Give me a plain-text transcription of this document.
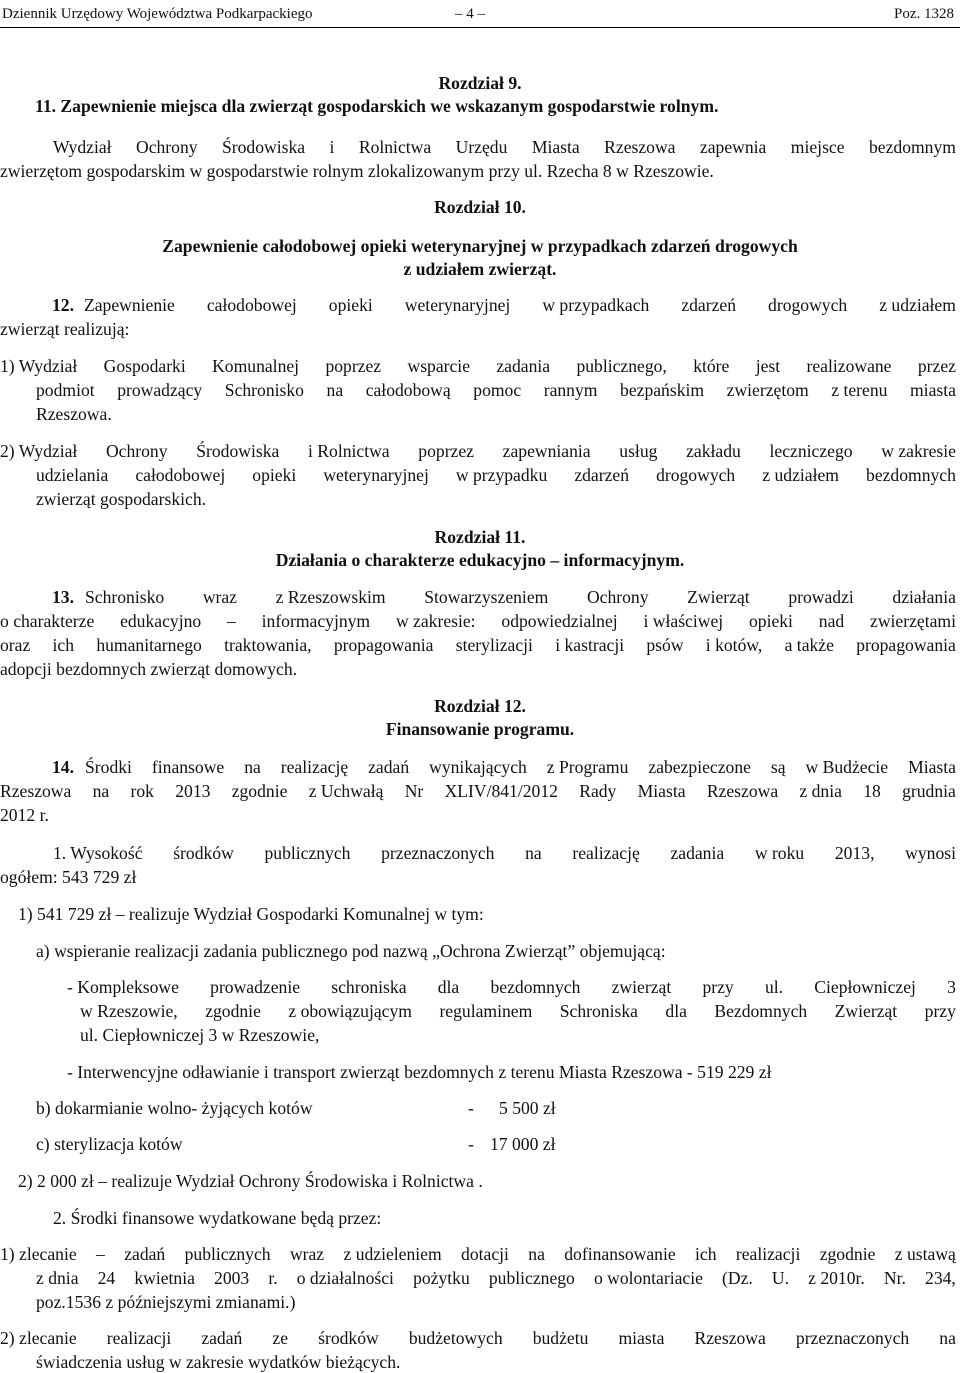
Dziennik Urzędowy Województwa Podkarpackiego	– 4 –	Poz. 1328
Rozdział 9.
11. Zapewnienie miejsca dla zwierząt gospodarskich we wskazanym gospodarstwie rolnym.
Wydział Ochrony Środowiska i Rolnictwa Urzędu Miasta Rzeszowa zapewnia miejsce bezdomnym
zwierzętom gospodarskim w gospodarstwie rolnym zlokalizowanym przy ul. Rzecha 8 w Rzeszowie.
Rozdział 10.
Zapewnienie całodobowej opieki weterynaryjnej w przypadkach zdarzeń drogowych
z udziałem zwierząt.
12. Zapewnienie całodobowej opieki weterynaryjnej w przypadkach zdarzeń drogowych z udziałem
zwierząt realizują:
1) Wydział Gospodarki Komunalnej poprzez wsparcie zadania publicznego, które jest realizowane przez
podmiot prowadzący Schronisko na całodobową pomoc rannym bezpańskim zwierzętom z terenu miasta
Rzeszowa.
2) Wydział Ochrony Środowiska i Rolnictwa poprzez zapewniania usług zakładu leczniczego w zakresie
udzielania całodobowej opieki weterynaryjnej w przypadku zdarzeń drogowych z udziałem bezdomnych
zwierząt gospodarskich.
Rozdział 11.
Działania o charakterze edukacyjno – informacyjnym.
13. Schronisko wraz z Rzeszowskim Stowarzyszeniem Ochrony Zwierząt prowadzi działania
o charakterze edukacyjno – informacyjnym w zakresie: odpowiedzialnej i właściwej opieki nad zwierzętami
oraz ich humanitarnego traktowania, propagowania sterylizacji i kastracji psów i kotów, a także propagowania
adopcji bezdomnych zwierząt domowych.
Rozdział 12.
Finansowanie programu.
14. Środki finansowe na realizację zadań wynikających z Programu zabezpieczone są w Budżecie Miasta
Rzeszowa na rok 2013 zgodnie z Uchwałą Nr XLIV/841/2012 Rady Miasta Rzeszowa z dnia 18 grudnia
2012 r.
1. Wysokość środków publicznych przeznaczonych na realizację zadania w roku 2013, wynosi
ogółem: 543 729 zł
1) 541 729 zł – realizuje Wydział Gospodarki Komunalnej w tym:
a) wspieranie realizacji zadania publicznego pod nazwą „Ochrona Zwierząt” objemującą:
- Kompleksowe prowadzenie schroniska dla bezdomnych zwierząt przy ul. Ciepłowniczej 3
w Rzeszowie, zgodnie z obowiązującym regulaminem Schroniska dla Bezdomnych Zwierząt przy
ul. Ciepłowniczej 3 w Rzeszowie,
- Interwencyjne odławianie i transport zwierząt bezdomnych z terenu Miasta Rzeszowa - 519 229 zł
b) dokarmianie wolno- żyjących kotów	- 5 500 zł
c) sterylizacja kotów	- 17 000 zł
2) 2 000 zł – realizuje Wydział Ochrony Środowiska i Rolnictwa .
2. Środki finansowe wydatkowane będą przez:
1) zlecanie – zadań publicznych wraz z udzieleniem dotacji na dofinansowanie ich realizacji zgodnie z ustawą
z dnia 24 kwietnia 2003 r. o działalności pożytku publicznego o wolontariacie (Dz. U. z 2010r. Nr. 234,
poz.1536 z późniejszymi zmianami.)
2) zlecanie realizacji zadań ze środków budżetowych budżetu miasta Rzeszowa przeznaczonych na
świadczenia usług w zakresie wydatków bieżących.
